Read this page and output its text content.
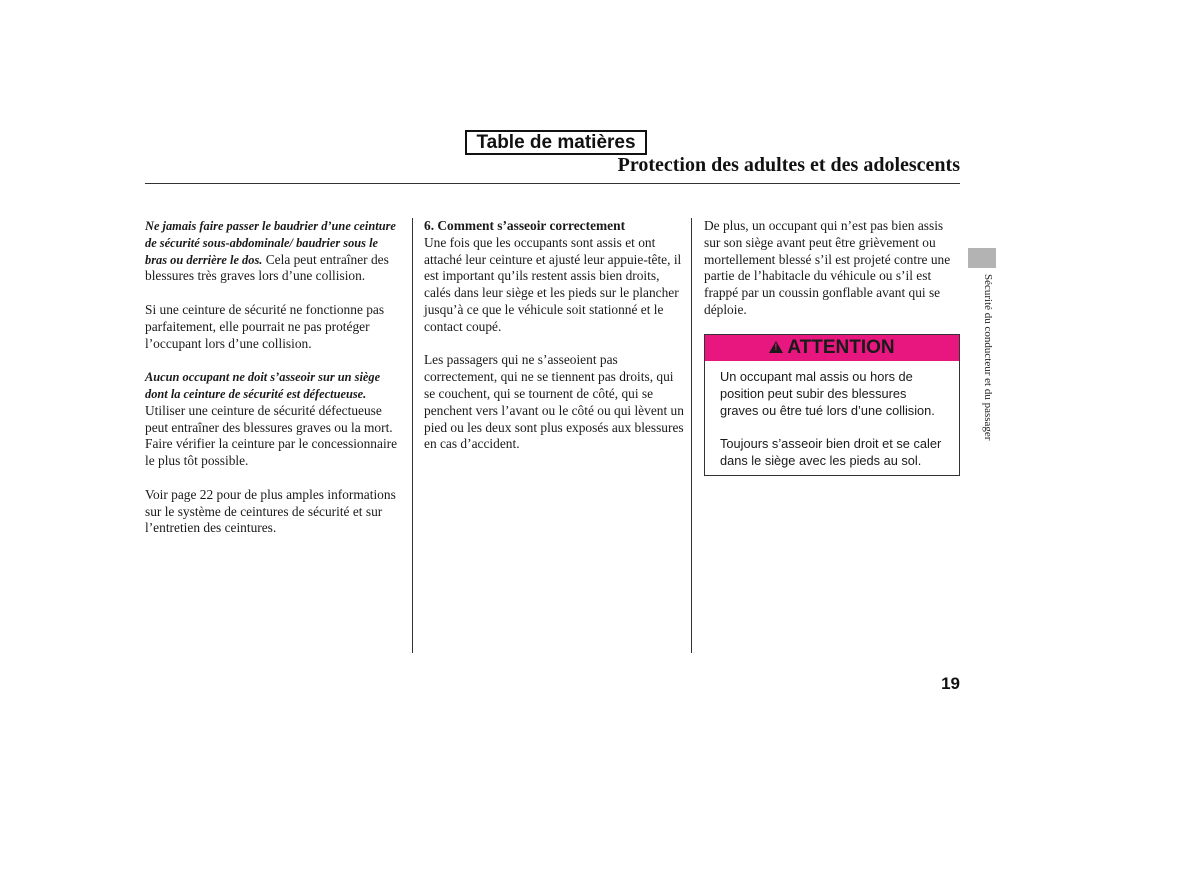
Table de matières
Protection des adultes et des adolescents

Ne jamais faire passer le baudrier d’une ceinture de sécurité sous-abdominale/ baudrier sous le bras ou derrière le dos. Cela peut entraîner des blessures très graves lors d’une collision.

Si une ceinture de sécurité ne fonctionne pas parfaitement, elle pourrait ne pas protéger l’occupant lors d’une collision.

Aucun occupant ne doit s’asseoir sur un siège dont la ceinture de sécurité est défectueuse.
Utiliser une ceinture de sécurité défectueuse peut entraîner des blessures graves ou la mort. Faire vérifier la ceinture par le concessionnaire le plus tôt possible.

Voir page 22 pour de plus amples informations sur le système de ceintures de sécurité et sur l’entretien des ceintures.

6. Comment s’asseoir correctement
Une fois que les occupants sont assis et ont attaché leur ceinture et ajusté leur appuie-tête, il est important qu’ils restent assis bien droits, calés dans leur siège et les pieds sur le plancher jusqu’à ce que le véhicule soit stationné et le contact coupé.

Les passagers qui ne s’asseoient pas correctement, qui ne se tiennent pas droits, qui se couchent, qui se tournent de côté, qui se penchent vers l’avant ou le côté ou qui lèvent un pied ou les deux sont plus exposés aux blessures en cas d’accident.

De plus, un occupant qui n’est pas bien assis sur son siège avant peut être grièvement ou mortellement blessé s’il est projeté contre une partie de l’habitacle du véhicule ou s’il est frappé par un coussin gonflable avant qui se déploie.

!
ATTENTION

Un occupant mal assis ou hors de position peut subir des blessures graves ou être tué lors d’une collision.

Toujours s’asseoir bien droit et se caler dans le siège avec les pieds au sol.

Sécurité du conducteur et du passager
19
